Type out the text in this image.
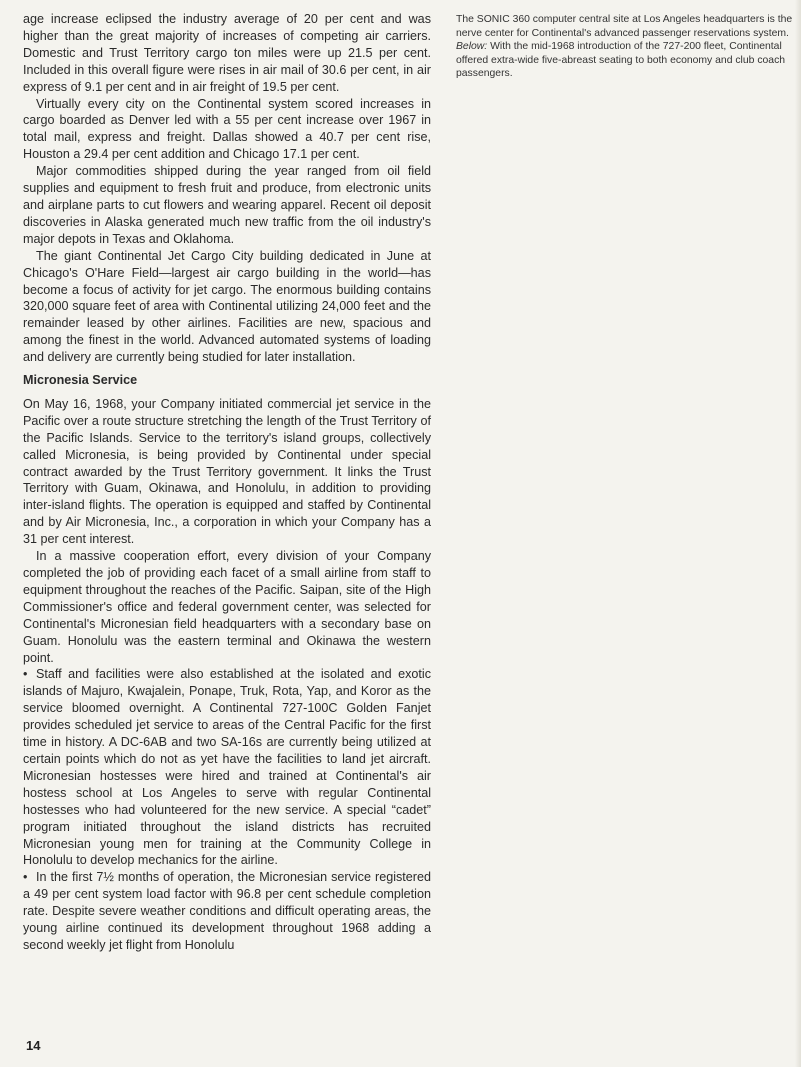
age increase eclipsed the industry average of 20 per cent and was higher than the great majority of increases of competing air carriers. Domestic and Trust Territory cargo ton miles were up 21.5 per cent. Included in this overall figure were rises in air mail of 30.6 per cent, in air express of 9.1 per cent and in air freight of 19.5 per cent.

Virtually every city on the Continental system scored increases in cargo boarded as Denver led with a 55 per cent increase over 1967 in total mail, express and freight. Dallas showed a 40.7 per cent rise, Houston a 29.4 per cent addition and Chicago 17.1 per cent.

Major commodities shipped during the year ranged from oil field supplies and equipment to fresh fruit and produce, from electronic units and airplane parts to cut flowers and wearing apparel. Recent oil deposit discoveries in Alaska generated much new traffic from the oil industry's major depots in Texas and Oklahoma.

The giant Continental Jet Cargo City building dedicated in June at Chicago's O'Hare Field—largest air cargo building in the world—has become a focus of activity for jet cargo. The enormous building contains 320,000 square feet of area with Continental utilizing 24,000 feet and the remainder leased by other airlines. Facilities are new, spacious and among the finest in the world. Advanced automated systems of loading and delivery are currently being studied for later installation.

Micronesia Service

On May 16, 1968, your Company initiated commercial jet service in the Pacific over a route structure stretching the length of the Trust Territory of the Pacific Islands. Service to the territory's island groups, collectively called Micronesia, is being provided by Continental under special contract awarded by the Trust Territory government. It links the Trust Territory with Guam, Okinawa, and Honolulu, in addition to providing inter-island flights. The operation is equipped and staffed by Continental and by Air Micronesia, Inc., a corporation in which your Company has a 31 per cent interest.

In a massive cooperation effort, every division of your Company completed the job of providing each facet of a small airline from staff to equipment throughout the reaches of the Pacific. Saipan, site of the High Commissioner's office and federal government center, was selected for Continental's Micronesian field headquarters with a secondary base on Guam. Honolulu was the eastern terminal and Okinawa the western point.

• Staff and facilities were also established at the isolated and exotic islands of Majuro, Kwajalein, Ponape, Truk, Rota, Yap, and Koror as the service bloomed overnight. A Continental 727-100C Golden Fanjet provides scheduled jet service to areas of the Central Pacific for the first time in history. A DC-6AB and two SA-16s are currently being utilized at certain points which do not as yet have the facilities to land jet aircraft. Micronesian hostesses were hired and trained at Continental's air hostess school at Los Angeles to serve with regular Continental hostesses who had volunteered for the new service. A special “cadet” program initiated throughout the island districts has recruited Micronesian young men for training at the Community College in Honolulu to develop mechanics for the airline.

• In the first 7½ months of operation, the Micronesian service registered a 49 per cent system load factor with 96.8 per cent schedule completion rate. Despite severe weather conditions and difficult operating areas, the young airline continued its development throughout 1968 adding a second weekly jet flight from Honolulu

The SONIC 360 computer central site at Los Angeles headquarters is the nerve center for Continental's advanced passenger reservations system. Below: With the mid-1968 introduction of the 727-200 fleet, Continental offered extra-wide five-abreast seating to both economy and club coach passengers.
14
